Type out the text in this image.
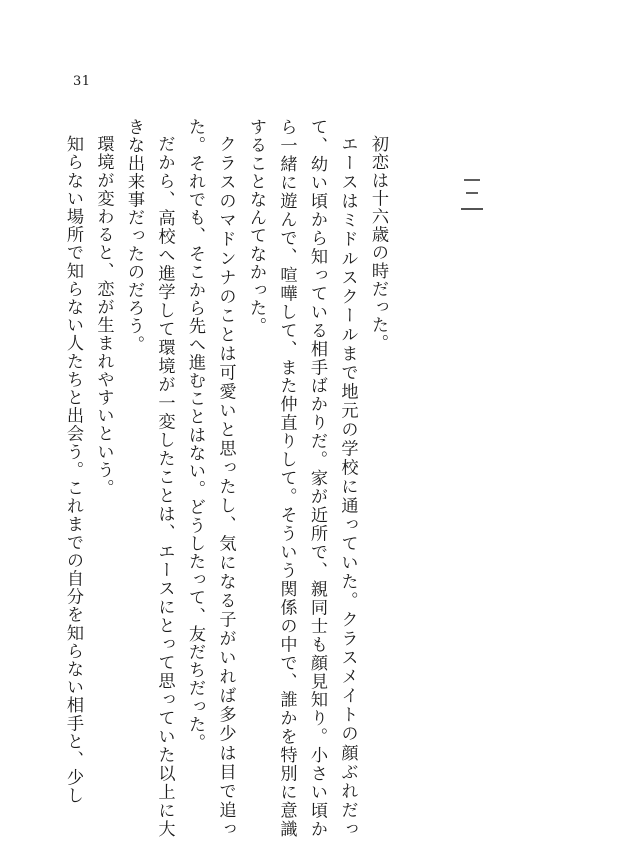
31

初恋は十六歳の時だった。

エースはミドルスクールまで地元の学校に通っていた。クラスメイトの顔ぶれだって、幼い頃から知っている相手ばかりだ。家が近所で、親同士も顔見知り。小さい頃から一緒に遊んで、喧嘩して、また仲直りして。そういう関係の中で、誰かを特別に意識することなんてなかった。

クラスのマドンナのことは可愛いと思ったし、気になる子がいれば多少は目で追った。それでも、そこから先へ進むことはない。どうしたって、友だちだった。

だから、高校へ進学して環境が一変したことは、エースにとって思っていた以上に大きな出来事だったのだろう。

環境が変わると、恋が生まれやすいという。

知らない場所で知らない人たちと出会う。これまでの自分を知らない相手と、少し
